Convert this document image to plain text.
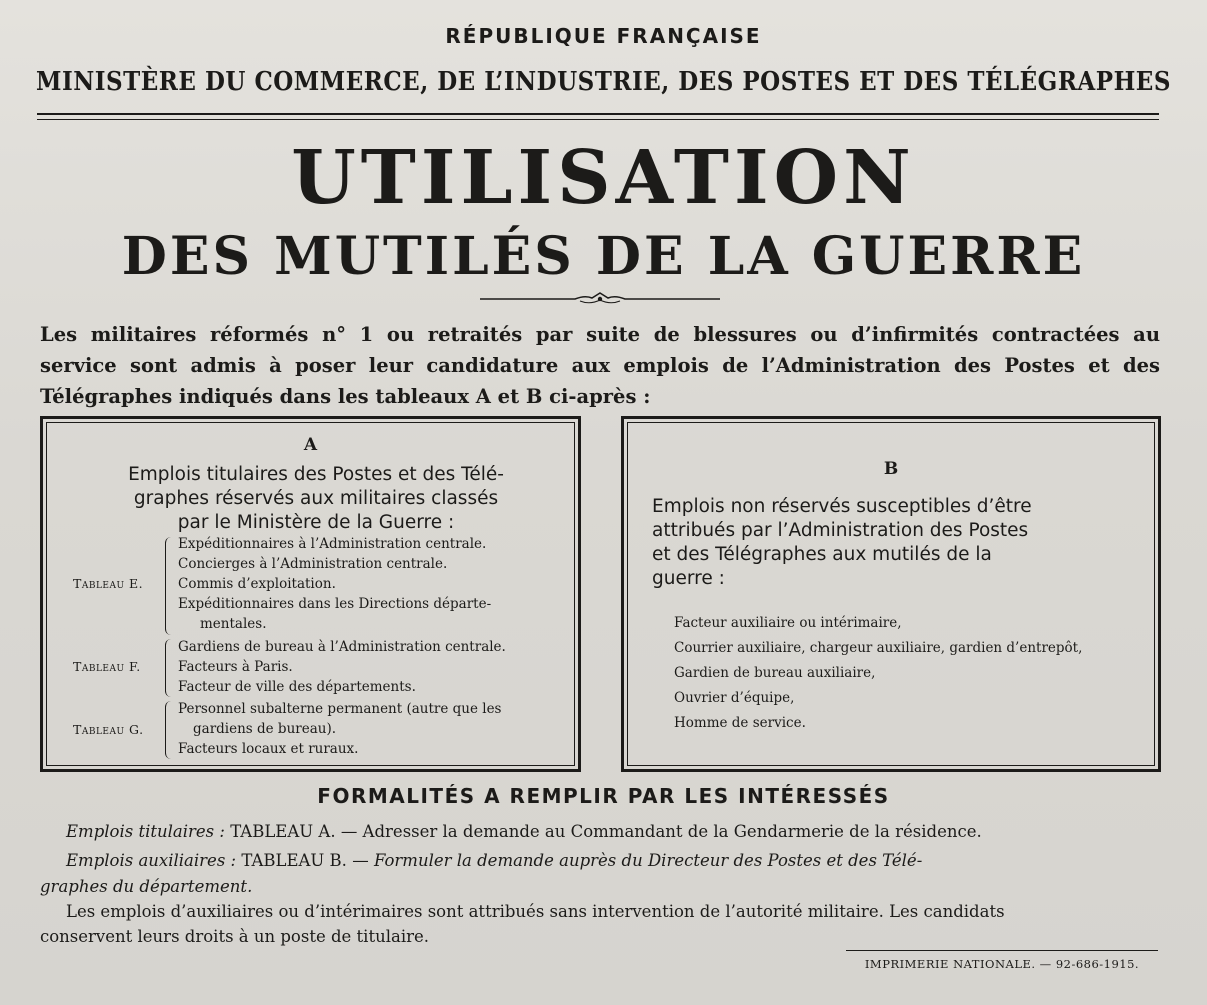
RÉPUBLIQUE FRANÇAISE
MINISTÈRE DU COMMERCE, DE L’INDUSTRIE, DES POSTES ET DES TÉLÉGRAPHES
UTILISATION
DES MUTILÉS DE LA GUERRE
Les militaires réformés n° 1 ou retraités par suite de blessures ou d’infirmités contractées au
service sont admis à poser leur candidature aux emplois de l’Administration des Postes et des
Télégraphes indiqués dans les tableaux A et B ci-après :
A
Emplois titulaires des Postes et des Télé-
graphes réservés aux militaires classés
par le Ministère de la Guerre :
Tableau E.
Expéditionnaires à l’Administration centrale.
Concierges à l’Administration centrale.
Commis d’exploitation.
Expéditionnaires dans les Directions départe-
mentales.
Tableau F.
Gardiens de bureau à l’Administration centrale.
Facteurs à Paris.
Facteur de ville des départements.
Tableau G.
Personnel subalterne permanent (autre que les
gardiens de bureau).
Facteurs locaux et ruraux.
B
Emplois non réservés susceptibles d’être
attribués par l’Administration des Postes
et des Télégraphes aux mutilés de la
guerre :
Facteur auxiliaire ou intérimaire,
Courrier auxiliaire, chargeur auxiliaire, gardien d’entrepôt,
Gardien de bureau auxiliaire,
Ouvrier d’équipe,
Homme de service.
FORMALITÉS A REMPLIR PAR LES INTÉRESSÉS
Emplois titulaires : TABLEAU A. — Adresser la demande au Commandant de la Gendarmerie de la résidence.
Emplois auxiliaires : TABLEAU B. — Formuler la demande auprès du Directeur des Postes et des Télé-
graphes du département.
Les emplois d’auxiliaires ou d’intérimaires sont attribués sans intervention de l’autorité militaire. Les candidats
conservent leurs droits à un poste de titulaire.
IMPRIMERIE NATIONALE. — 92-686-1915.
